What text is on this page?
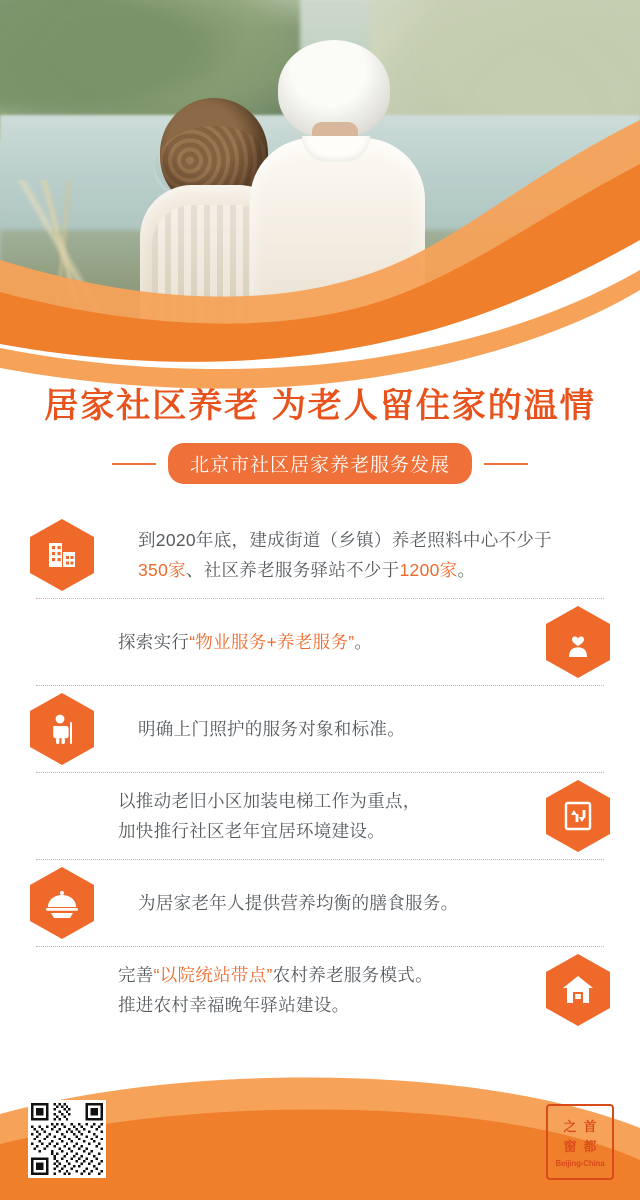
居家社区养老 为老人留住家的温情
北京市社区居家养老服务发展
到2020年底，建成街道（乡镇）养老照料中心不少于
350家、社区养老服务驿站不少于1200家。
探索实行“物业服务+养老服务”。
明确上门照护的服务对象和标准。
以推动老旧小区加装电梯工作为重点，
加快推行社区老年宜居环境建设。
为居家老年人提供营养均衡的膳食服务。
完善“以院统站带点”农村养老服务模式。
推进农村幸福晚年驿站建设。
之 首
窗 都
Beijing-China
